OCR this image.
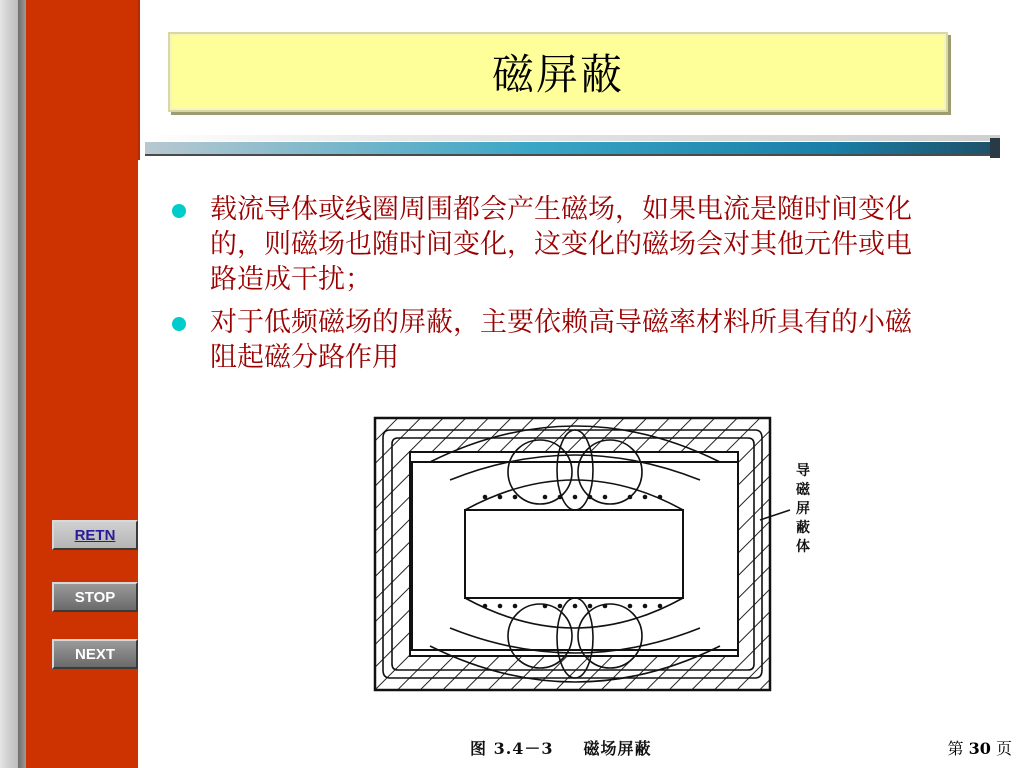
磁屏蔽
载流导体或线圈周围都会产生磁场，如果电流是随时间变化的，则磁场也随时间变化，这变化的磁场会对其他元件或电路造成干扰；
对于低频磁场的屏蔽，主要依赖高导磁率材料所具有的小磁阻起磁分路作用
导
磁
屏
蔽
体
图 3.4－3 磁场屏蔽
RETN
STOP
NEXT
第 30 页
